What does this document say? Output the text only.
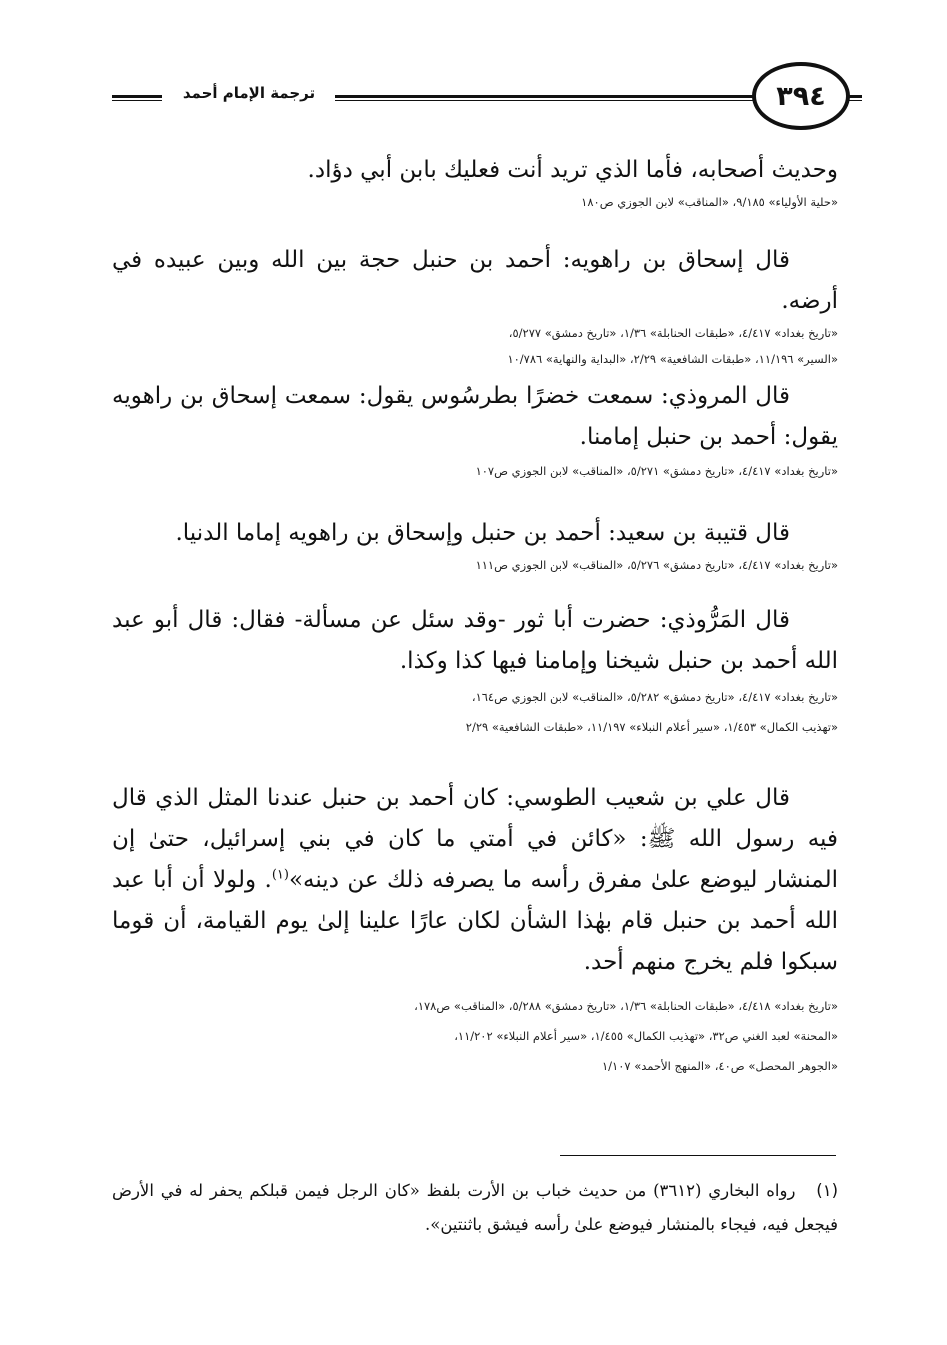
٣٩٤
ترجمة الإمام أحمد

وحديث أصحابه، فأما الذي تريد أنت فعليك بابن أبي دؤاد.

«حلية الأولياء» ٩/١٨٥، «المناقب» لابن الجوزي ص١٨٠

قال إسحاق بن راهويه: أحمد بن حنبل حجة بين الله وبين عبيده في أرضه.

«تاريخ بغداد» ٤/٤١٧، «طبقات الحنابلة» ١/٣٦، «تاريخ دمشق» ٥/٢٧٧،

«السير» ١١/١٩٦، «طبقات الشافعية» ٢/٢٩، «البداية والنهاية» ١٠/٧٨٦

قال المروذي: سمعت خضرًا بطرسُوس يقول: سمعت إسحاق بن راهويه يقول: أحمد بن حنبل إمامنا.

«تاريخ بغداد» ٤/٤١٧، «تاريخ دمشق» ٥/٢٧١، «المناقب» لابن الجوزي ص١٠٧

قال قتيبة بن سعيد: أحمد بن حنبل وإسحاق بن راهويه إماما الدنيا.

«تاريخ بغداد» ٤/٤١٧، «تاريخ دمشق» ٥/٢٧٦، «المناقب» لابن الجوزي ص١١١

قال المَرُّوذي: حضرت أبا ثور -وقد سئل عن مسألة- فقال: قال أبو عبد الله أحمد بن حنبل شيخنا وإمامنا فيها كذا وكذا.

«تاريخ بغداد» ٤/٤١٧، «تاريخ دمشق» ٥/٢٨٢، «المناقب» لابن الجوزي ص١٦٤،

«تهذيب الكمال» ١/٤٥٣، «سير أعلام النبلاء» ١١/١٩٧، «طبقات الشافعية» ٢/٢٩

قال علي بن شعيب الطوسي: كان أحمد بن حنبل عندنا المثل الذي قال فيه رسول الله ﷺ: «كائن في أمتي ما كان في بني إسرائيل، حتىٰ إن المنشار ليوضع علىٰ مفرق رأسه ما يصرفه ذلك عن دينه»$^{(١)}$. ولولا أن أبا عبد الله أحمد بن حنبل قام بهٰذا الشأن لكان عارًا علينا إلىٰ يوم القيامة، أن قوما سبكوا فلم يخرج منهم أحد.

«تاريخ بغداد» ٤/٤١٨، «طبقات الحنابلة» ١/٣٦، «تاريخ دمشق» ٥/٢٨٨، «المناقب» ص١٧٨،

«المحنة» لعبد الغني ص٣٢، «تهذيب الكمال» ١/٤٥٥، «سير أعلام النبلاء» ١١/٢٠٢،

«الجوهر المحصل» ص٤٠، «المنهج الأحمد» ١/١٠٧

(١) رواه البخاري (٣٦١٢) من حديث خباب بن الأرت بلفظ «كان الرجل فيمن قبلكم يحفر له في الأرض فيجعل فيه، فيجاء بالمنشار فيوضع علىٰ رأسه فيشق باثنتين».
